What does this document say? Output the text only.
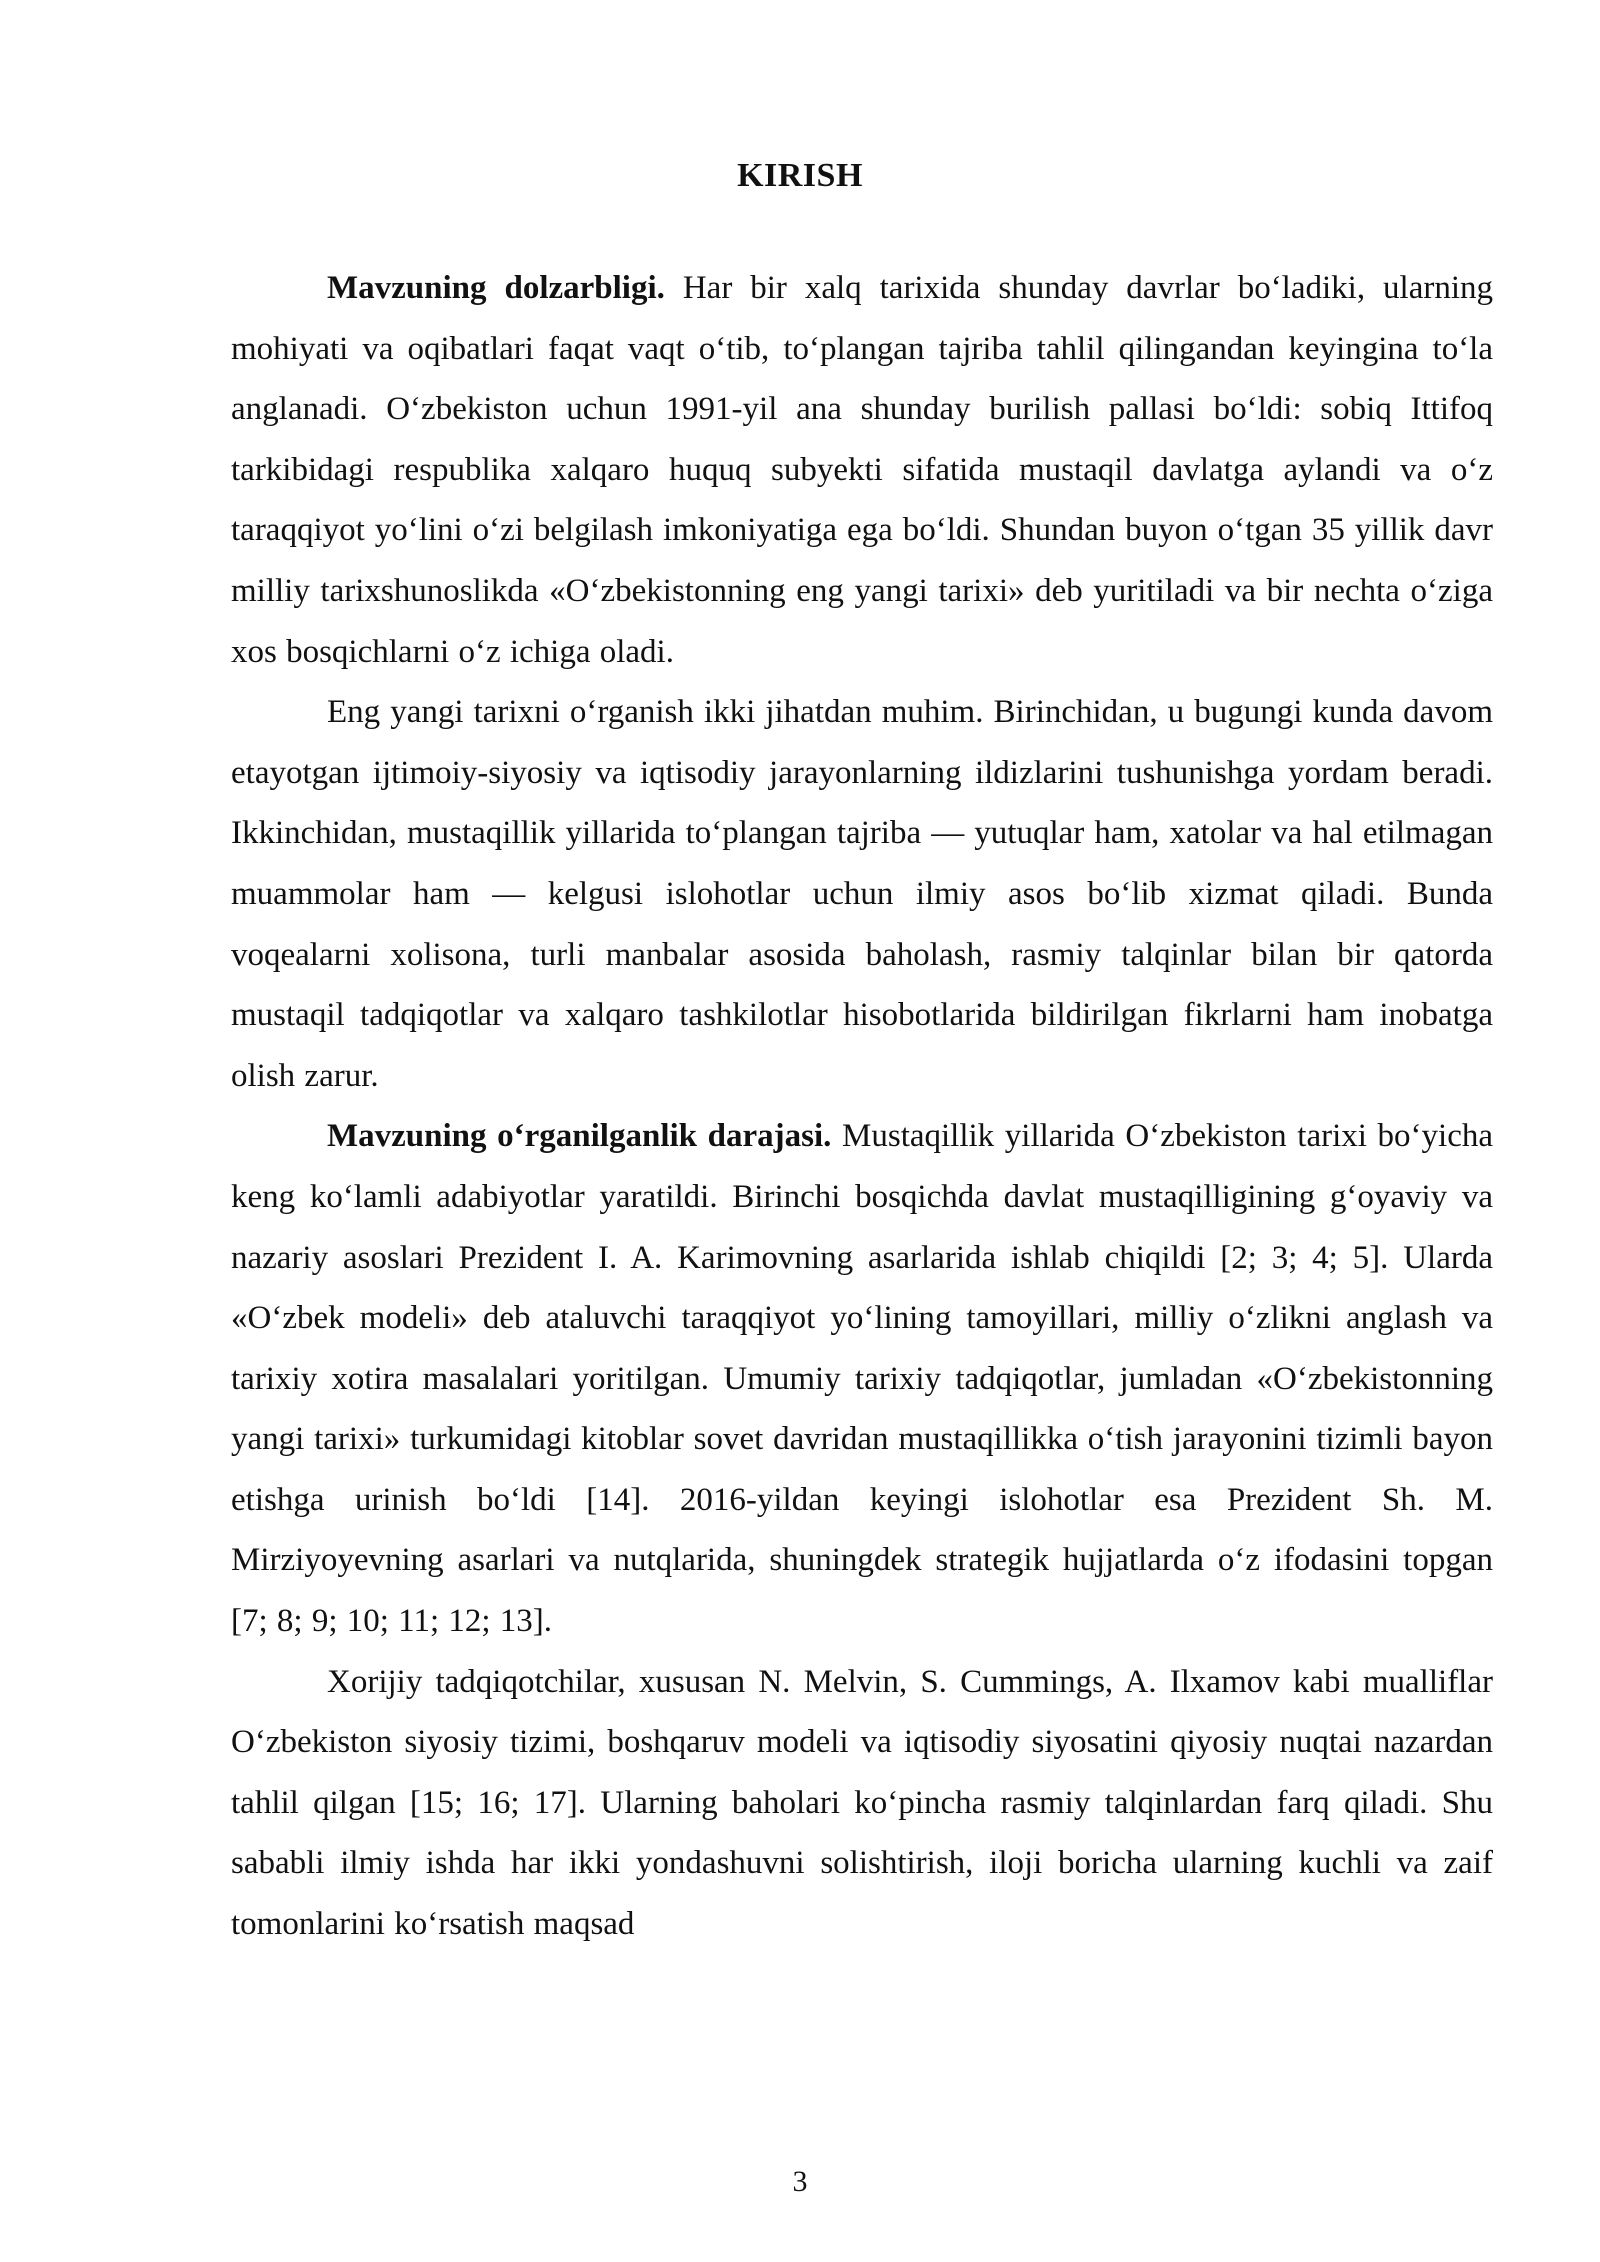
KIRISH

Mavzuning dolzarbligi. Har bir xalq tarixida shunday davrlar bo‘ladiki, ularning mohiyati va oqibatlari faqat vaqt o‘tib, to‘plangan tajriba tahlil qilingandan keyingina to‘la anglanadi. O‘zbekiston uchun 1991-yil ana shunday burilish pallasi bo‘ldi: sobiq Ittifoq tarkibidagi respublika xalqaro huquq subyekti sifatida mustaqil davlatga aylandi va o‘z taraqqiyot yo‘lini o‘zi belgilash imkoniyatiga ega bo‘ldi. Shundan buyon o‘tgan 35 yillik davr milliy tarixshunoslikda «O‘zbekistonning eng yangi tarixi» deb yuritiladi va bir nechta o‘ziga xos bosqichlarni o‘z ichiga oladi.

Eng yangi tarixni o‘rganish ikki jihatdan muhim. Birinchidan, u bugungi kunda davom etayotgan ijtimoiy-siyosiy va iqtisodiy jarayonlarning ildizlarini tushunishga yordam beradi. Ikkinchidan, mustaqillik yillarida to‘plangan tajriba — yutuqlar ham, xatolar va hal etilmagan muammolar ham — kelgusi islohotlar uchun ilmiy asos bo‘lib xizmat qiladi. Bunda voqealarni xolisona, turli manbalar asosida baholash, rasmiy talqinlar bilan bir qatorda mustaqil tadqiqotlar va xalqaro tashkilotlar hisobotlarida bildirilgan fikrlarni ham inobatga olish zarur.

Mavzuning o‘rganilganlik darajasi. Mustaqillik yillarida O‘zbekiston tarixi bo‘yicha keng ko‘lamli adabiyotlar yaratildi. Birinchi bosqichda davlat mustaqilligining g‘oyaviy va nazariy asoslari Prezident I. A. Karimovning asarlarida ishlab chiqildi [2; 3; 4; 5]. Ularda «O‘zbek modeli» deb ataluvchi taraqqiyot yo‘lining tamoyillari, milliy o‘zlikni anglash va tarixiy xotira masalalari yoritilgan. Umumiy tarixiy tadqiqotlar, jumladan «O‘zbekistonning yangi tarixi» turkumidagi kitoblar sovet davridan mustaqillikka o‘tish jarayonini tizimli bayon etishga urinish bo‘ldi [14]. 2016-yildan keyingi islohotlar esa Prezident Sh. M. Mirziyoyevning asarlari va nutqlarida, shuningdek strategik hujjatlarda o‘z ifodasini topgan [7; 8; 9; 10; 11; 12; 13].

Xorijiy tadqiqotchilar, xususan N. Melvin, S. Cummings, A. Ilxamov kabi mualliflar O‘zbekiston siyosiy tizimi, boshqaruv modeli va iqtisodiy siyosatini qiyosiy nuqtai nazardan tahlil qilgan [15; 16; 17]. Ularning baholari ko‘pincha rasmiy talqinlardan farq qiladi. Shu sababli ilmiy ishda har ikki yondashuvni solishtirish, iloji boricha ularning kuchli va zaif tomonlarini ko‘rsatish maqsad

3
